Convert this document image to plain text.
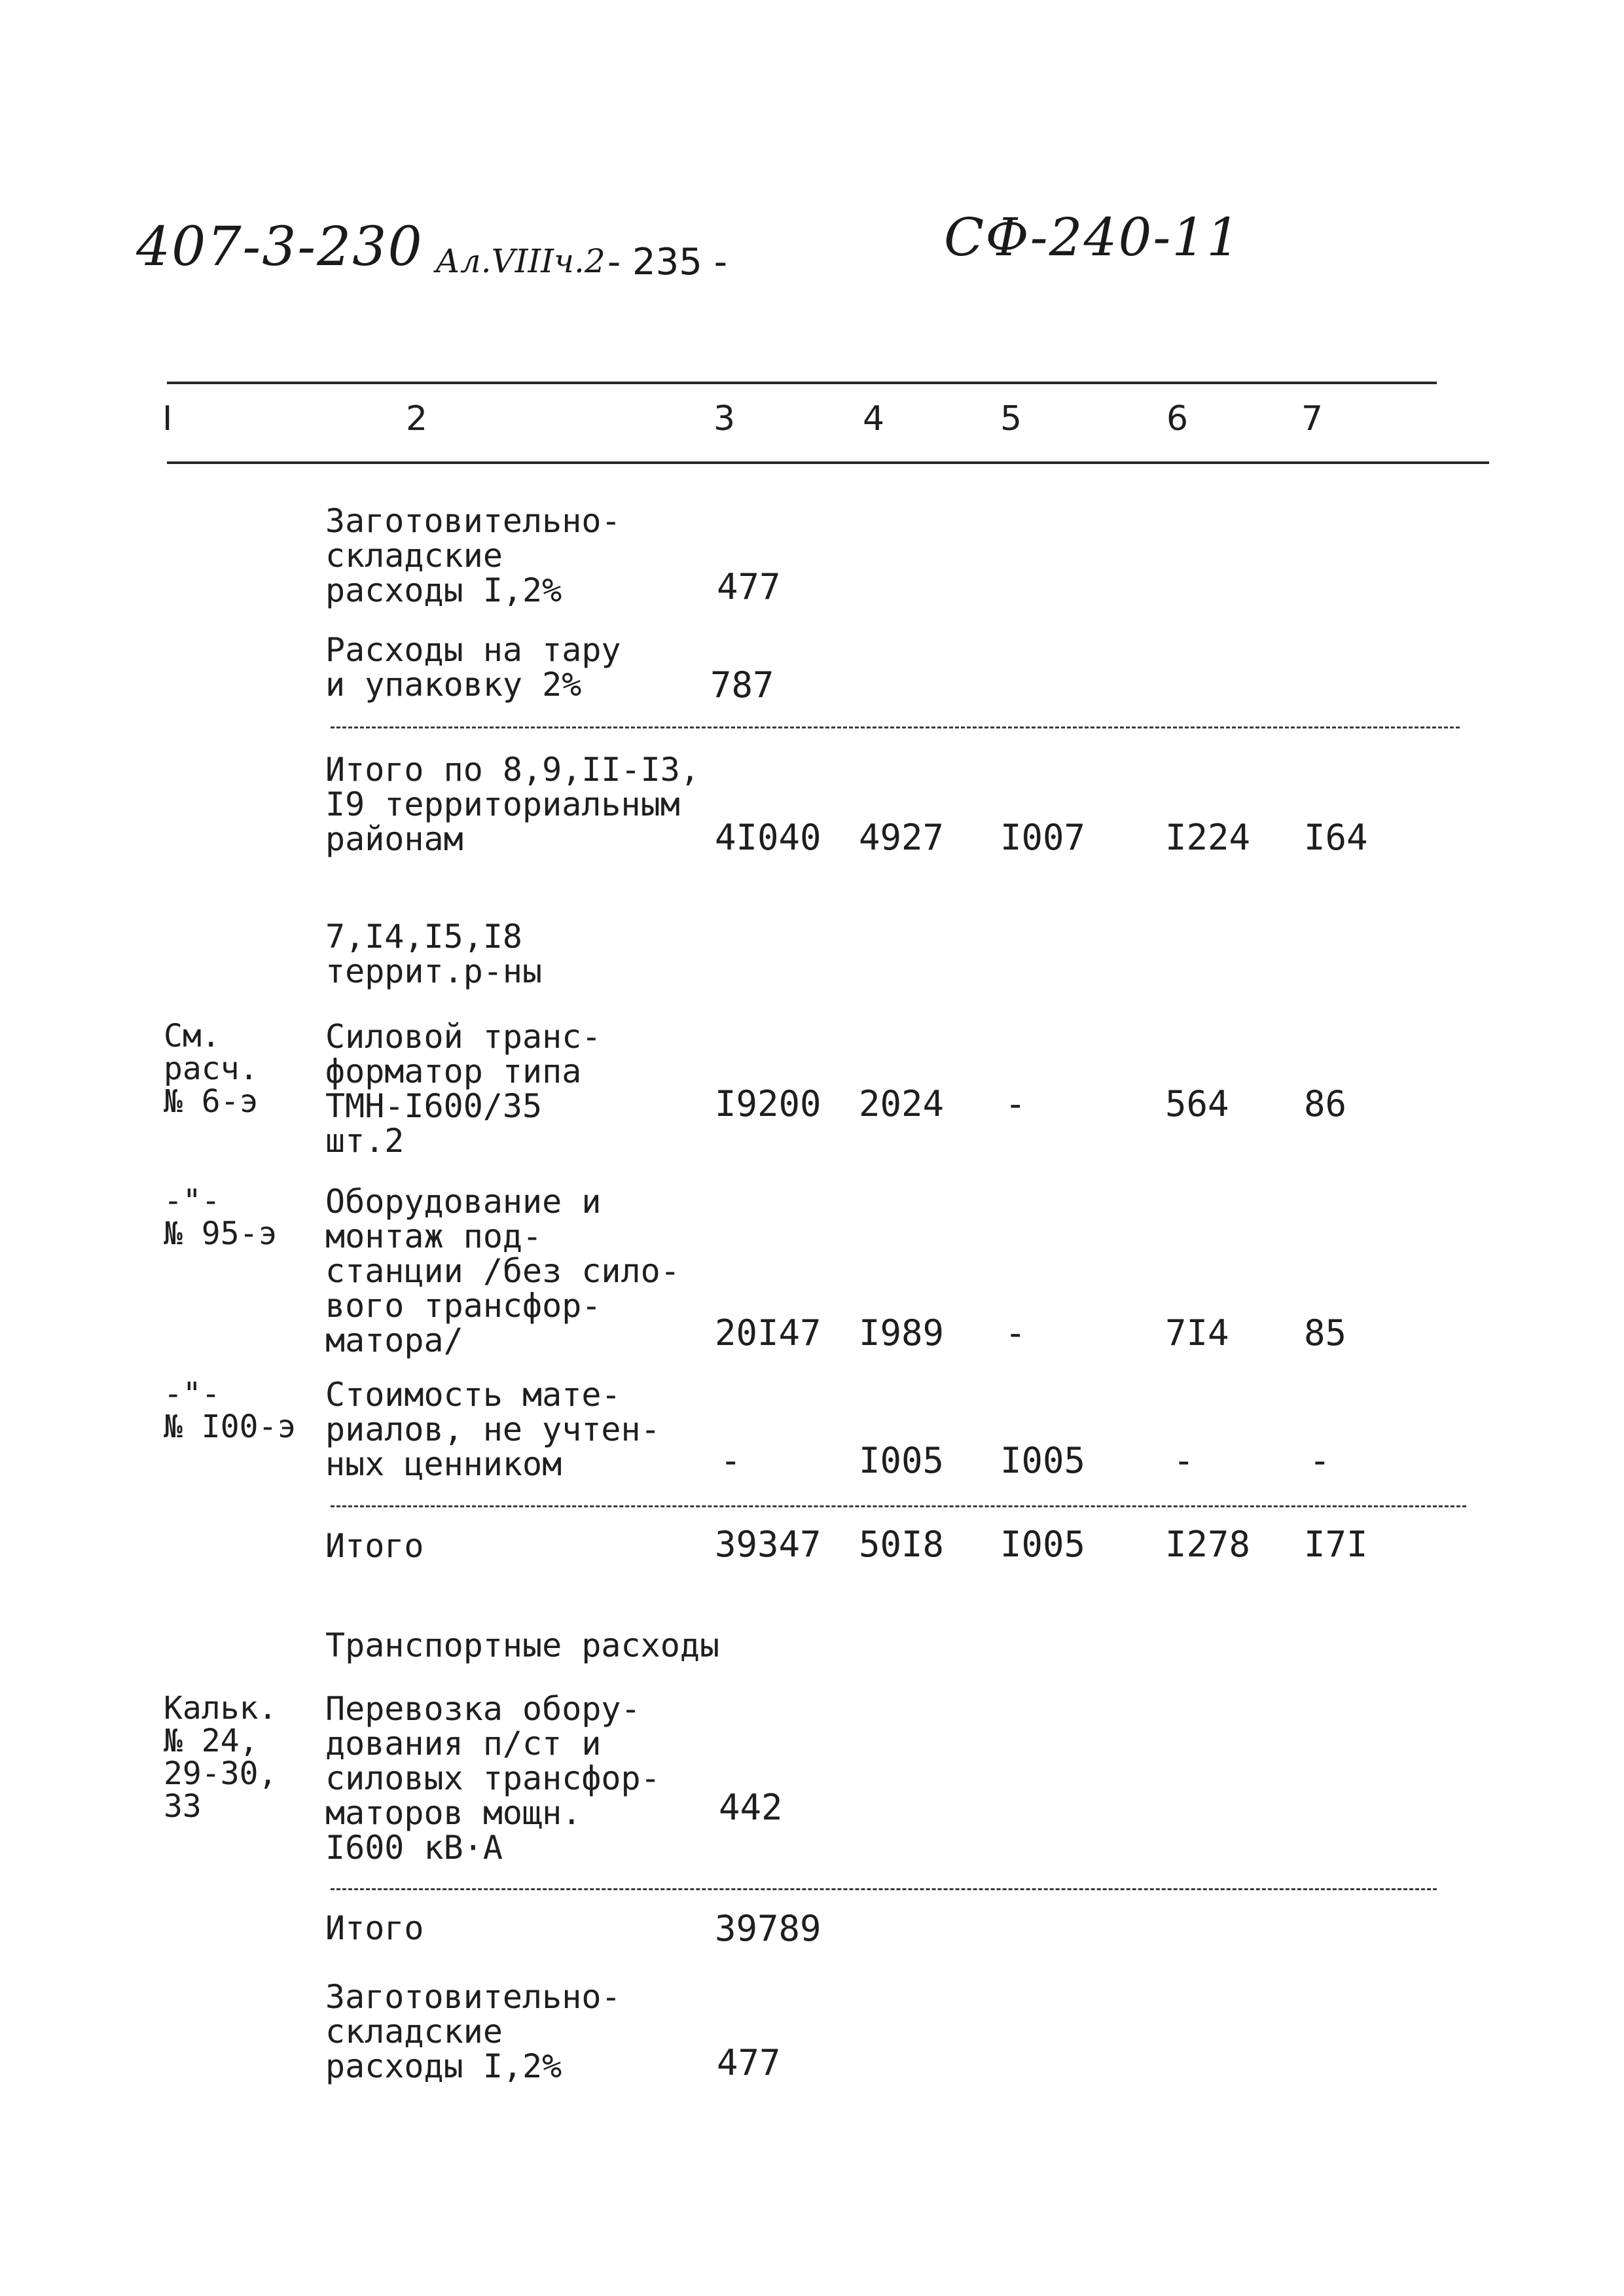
407-3-230 Ал.VIIIч.2 - 235 -	СФ-240-11
I	2	3	4	5	6	7
Заготовительно-
складские
расходы I,2%	477
Расходы на тару
и упаковку 2%	787
Итого по 8,9,II-I3,
I9 территориальным
районам	4I040 4927 I007 I224 I64
7,I4,I5,I8
террит.р-ны
См.
расч.
№ 6-э
Силовой транс-
форматор типа
ТМН-I600/35
шт.2
I9200 2024 -	564 86
-"-
№ 95-э
Оборудование и
монтаж под-
станции /без сило-
вого трансфор-
матора/	20I47 I989 -	7I4 85
-"-
№ I00-э
Стоимость мате-
риалов, не учтен-
ных ценником	-	I005 I005 -	-
Итого	39347 50I8 I005 I278 I7I
Транспортные расходы
Кальк.
№ 24,
29-30,
33
Перевозка обору-
дования п/ст и
силовых трансфор-
маторов мощн.
I600 кВ·А
442
Итого	39789
Заготовительно-
складские
расходы I,2%	477
